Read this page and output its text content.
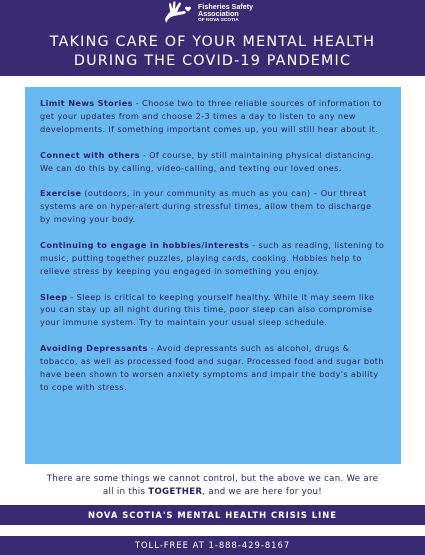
Fisheries Safety
Association
OF NOVA SCOTIA
TAKING CARE OF YOUR MENTAL HEALTH
DURING THE COVID-19 PANDEMIC
Limit News Stories - Choose two to three reliable sources of information to get your updates from and choose 2-3 times a day to listen to any new developments. If something important comes up, you will still hear about it.
Connect with others - Of course, by still maintaining physical distancing. We can do this by calling, video-calling, and texting our loved ones.
Exercise (outdoors, in your community as much as you can) – Our threat systems are on hyper-alert during stressful times, allow them to discharge by moving your body.
Continuing to engage in hobbies/interests - such as reading, listening to music, putting together puzzles, playing cards, cooking. Hobbies help to relieve stress by keeping you engaged in something you enjoy.
Sleep - Sleep is critical to keeping yourself healthy. While it may seem like you can stay up all night during this time, poor sleep can also compromise your immune system. Try to maintain your usual sleep schedule.
Avoiding Depressants - Avoid depressants such as alcohol, drugs & tobacco, as well as processed food and sugar. Processed food and sugar both have been shown to worsen anxiety symptoms and impair the body's ability to cope with stress.
There are some things we cannot control, but the above we can. We are all in this TOGETHER, and we are here for you!
NOVA SCOTIA'S MENTAL HEALTH CRISIS LINE
TOLL-FREE AT 1-888-429-8167
